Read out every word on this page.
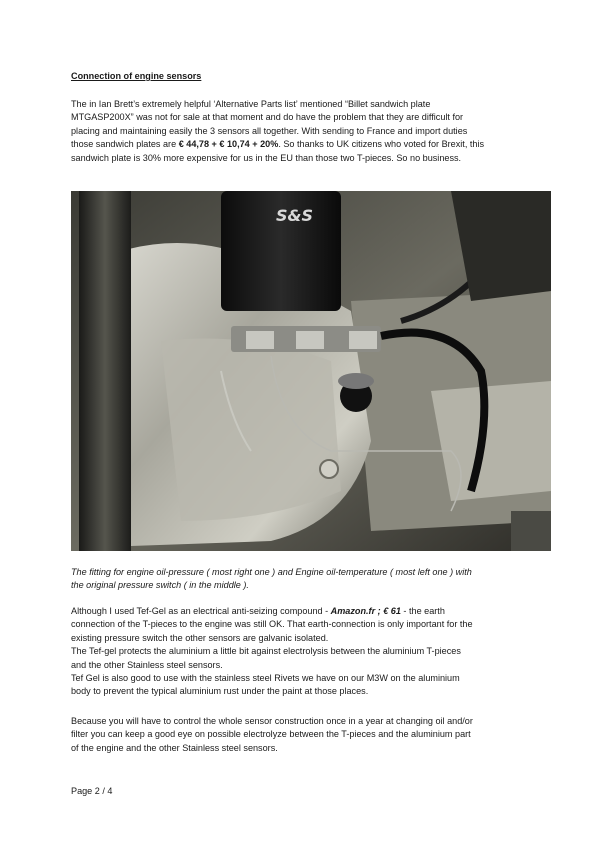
Connection of engine sensors
The in Ian Brett’s extremely helpful ‘Alternative Parts list’ mentioned “Billet sandwich plate
MTGASP200X” was not for sale at that moment and do have the problem that they are difficult for
placing and maintaining easily the 3 sensors all together. With sending to France and import duties
those sandwich plates are € 44,78 + € 10,74 + 20%. So thanks to UK citizens who voted for Brexit, this
sandwich plate is 30% more expensive for us in the EU than those two T-pieces. So no business.
S&S
The fitting for engine oil-pressure ( most right one ) and Engine oil-temperature ( most left one ) with
the original pressure switch ( in the middle ).
Although I used Tef-Gel as an electrical anti-seizing compound - Amazon.fr ; € 61 - the earth
connection of the T-pieces to the engine was still OK. That earth-connection is only important for the
existing pressure switch the other sensors are galvanic isolated.
The Tef-gel protects the aluminium a little bit against electrolysis between the aluminium T-pieces
and the other Stainless steel sensors.
Tef Gel is also good to use with the stainless steel Rivets we have on our M3W on the aluminium
body to prevent the typical aluminium rust under the paint at those places.
Because you will have to control the whole sensor construction once in a year at changing oil and/or
filter you can keep a good eye on possible electrolyze between the T-pieces and the aluminium part
of the engine and the other Stainless steel sensors.
Page 2 / 4
